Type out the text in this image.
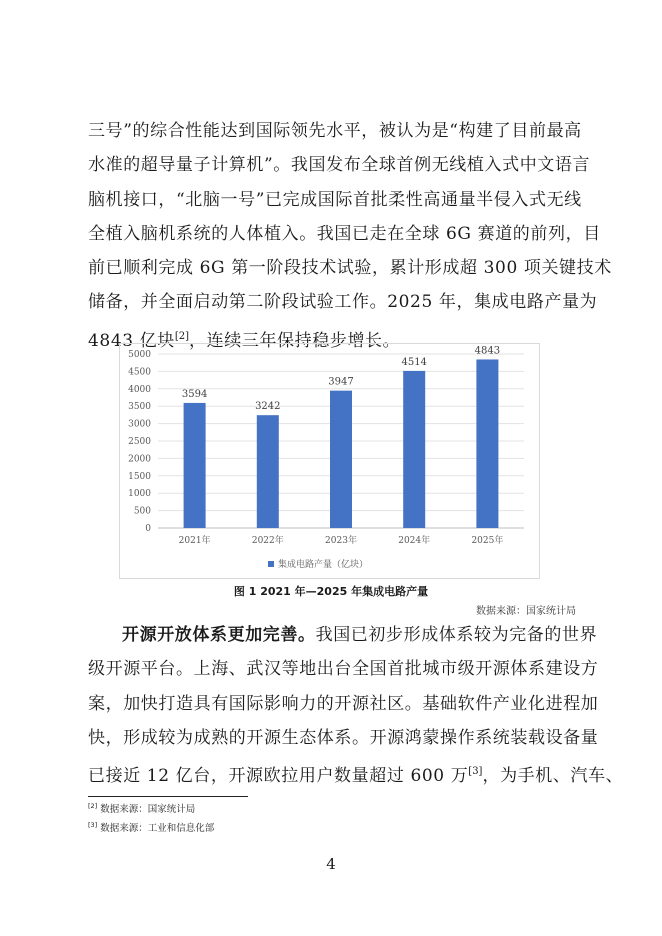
三号”的综合性能达到国际领先水平，被认为是“构建了目前最高
水准的超导量子计算机”。我国发布全球首例无线植入式中文语言
脑机接口，“北脑一号”已完成国际首批柔性高通量半侵入式无线
全植入脑机系统的人体植入。我国已走在全球 6G 赛道的前列，目
前已顺利完成 6G 第一阶段技术试验，累计形成超 300 项关键技术
储备，并全面启动第二阶段试验工作。2025 年，集成电路产量为
4843 亿块[2]，连续三年保持稳步增长。
0
500
1000
1500
2000
2500
3000
3500
4000
4500
5000
3594
3242
3947
4514
4843
2021年	2022年	2023年	2024年	2025年
集成电路产量（亿块）
图 1 2021 年—2025 年集成电路产量
数据来源：国家统计局
开源开放体系更加完善。我国已初步形成体系较为完备的世界
级开源平台。上海、武汉等地出台全国首批城市级开源体系建设方
案，加快打造具有国际影响力的开源社区。基础软件产业化进程加
快，形成较为成熟的开源生态体系。开源鸿蒙操作系统装载设备量
已接近 12 亿台，开源欧拉用户数量超过 600 万[3]，为手机、汽车、
[2] 数据来源：国家统计局
[3] 数据来源：工业和信息化部
4
